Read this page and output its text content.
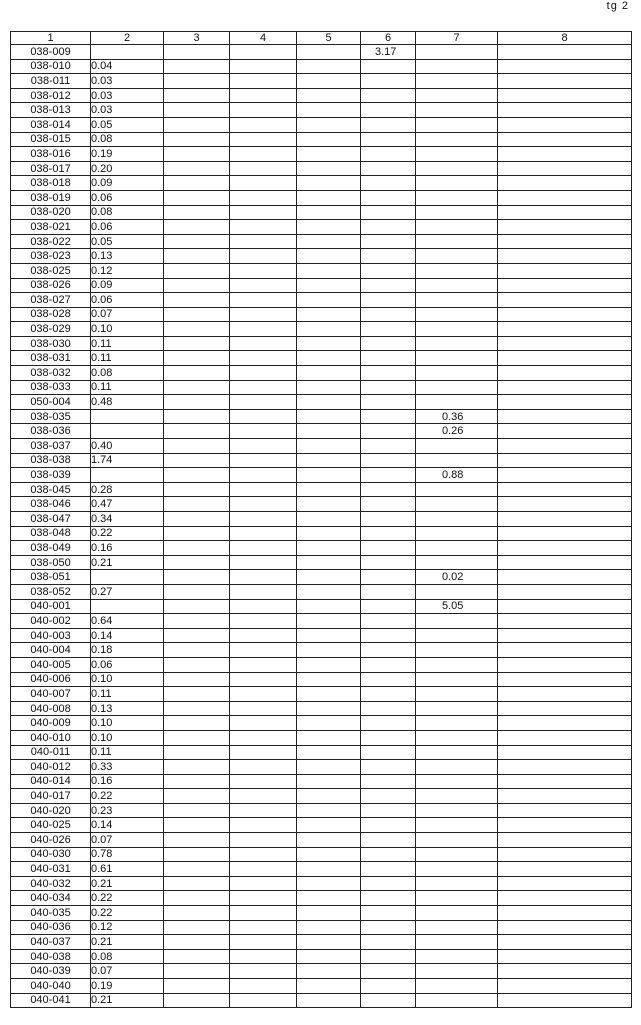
tg 2
1	2	3	4	5	6	7	8
038-009					3.17		
038-010	0.04						
038-011	0.03						
038-012	0.03						
038-013	0.03						
038-014	0.05						
038-015	0.08						
038-016	0.19						
038-017	0.20						
038-018	0.09						
038-019	0.06						
038-020	0.08						
038-021	0.06						
038-022	0.05						
038-023	0.13						
038-025	0.12						
038-026	0.09						
038-027	0.06						
038-028	0.07						
038-029	0.10						
038-030	0.11						
038-031	0.11						
038-032	0.08						
038-033	0.11						
050-004	0.48						
038-035						0.36	
038-036						0.26	
038-037	0.40						
038-038	1.74						
038-039						0.88	
038-045	0.28						
038-046	0.47						
038-047	0.34						
038-048	0.22						
038-049	0.16						
038-050	0.21						
038-051						0.02	
038-052	0.27						
040-001						5.05	
040-002	0.64						
040-003	0.14						
040-004	0.18						
040-005	0.06						
040-006	0.10						
040-007	0.11						
040-008	0.13						
040-009	0.10						
040-010	0.10						
040-011	0.11						
040-012	0.33						
040-014	0.16						
040-017	0.22						
040-020	0.23						
040-025	0.14						
040-026	0.07						
040-030	0.78						
040-031	0.61						
040-032	0.21						
040-034	0.22						
040-035	0.22						
040-036	0.12						
040-037	0.21						
040-038	0.08						
040-039	0.07						
040-040	0.19						
040-041	0.21						
